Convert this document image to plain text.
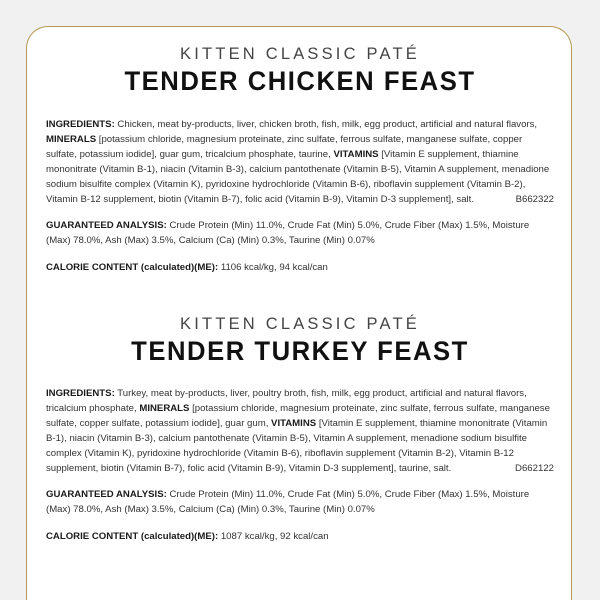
KITTEN CLASSIC PATÉ

TENDER CHICKEN FEAST

INGREDIENTS: Chicken, meat by-products, liver, chicken broth, fish, milk, egg product, artificial and natural flavors, MINERALS [potassium chloride, magnesium proteinate, zinc sulfate, ferrous sulfate, manganese sulfate, copper sulfate, potassium iodide], guar gum, tricalcium phosphate, taurine, VITAMINS [Vitamin E supplement, thiamine mononitrate (Vitamin B-1), niacin (Vitamin B-3), calcium pantothenate (Vitamin B-5), Vitamin A supplement, menadione sodium bisulfite complex (Vitamin K), pyridoxine hydrochloride (Vitamin B-6), riboflavin supplement (Vitamin B-2), Vitamin B-12 supplement, biotin (Vitamin B-7), folic acid (Vitamin B-9), Vitamin D-3 supplement], salt.	B662322

GUARANTEED ANALYSIS: Crude Protein (Min) 11.0%, Crude Fat (Min) 5.0%, Crude Fiber (Max) 1.5%, Moisture (Max) 78.0%, Ash (Max) 3.5%, Calcium (Ca) (Min) 0.3%, Taurine (Min) 0.07%

CALORIE CONTENT (calculated)(ME): 1106 kcal/kg, 94 kcal/can

KITTEN CLASSIC PATÉ

TENDER TURKEY FEAST

INGREDIENTS: Turkey, meat by-products, liver, poultry broth, fish, milk, egg product, artificial and natural flavors, tricalcium phosphate, MINERALS [potassium chloride, magnesium proteinate, zinc sulfate, ferrous sulfate, manganese sulfate, copper sulfate, potassium iodide], guar gum, VITAMINS [Vitamin E supplement, thiamine mononitrate (Vitamin B-1), niacin (Vitamin B-3), calcium pantothenate (Vitamin B-5), Vitamin A supplement, menadione sodium bisulfite complex (Vitamin K), pyridoxine hydrochloride (Vitamin B-6), riboflavin supplement (Vitamin B-2), Vitamin B-12 supplement, biotin (Vitamin B-7), folic acid (Vitamin B-9), Vitamin D-3 supplement], taurine, salt.	D662122

GUARANTEED ANALYSIS: Crude Protein (Min) 11.0%, Crude Fat (Min) 5.0%, Crude Fiber (Max) 1.5%, Moisture (Max) 78.0%, Ash (Max) 3.5%, Calcium (Ca) (Min) 0.3%, Taurine (Min) 0.07%

CALORIE CONTENT (calculated)(ME): 1087 kcal/kg, 92 kcal/can
